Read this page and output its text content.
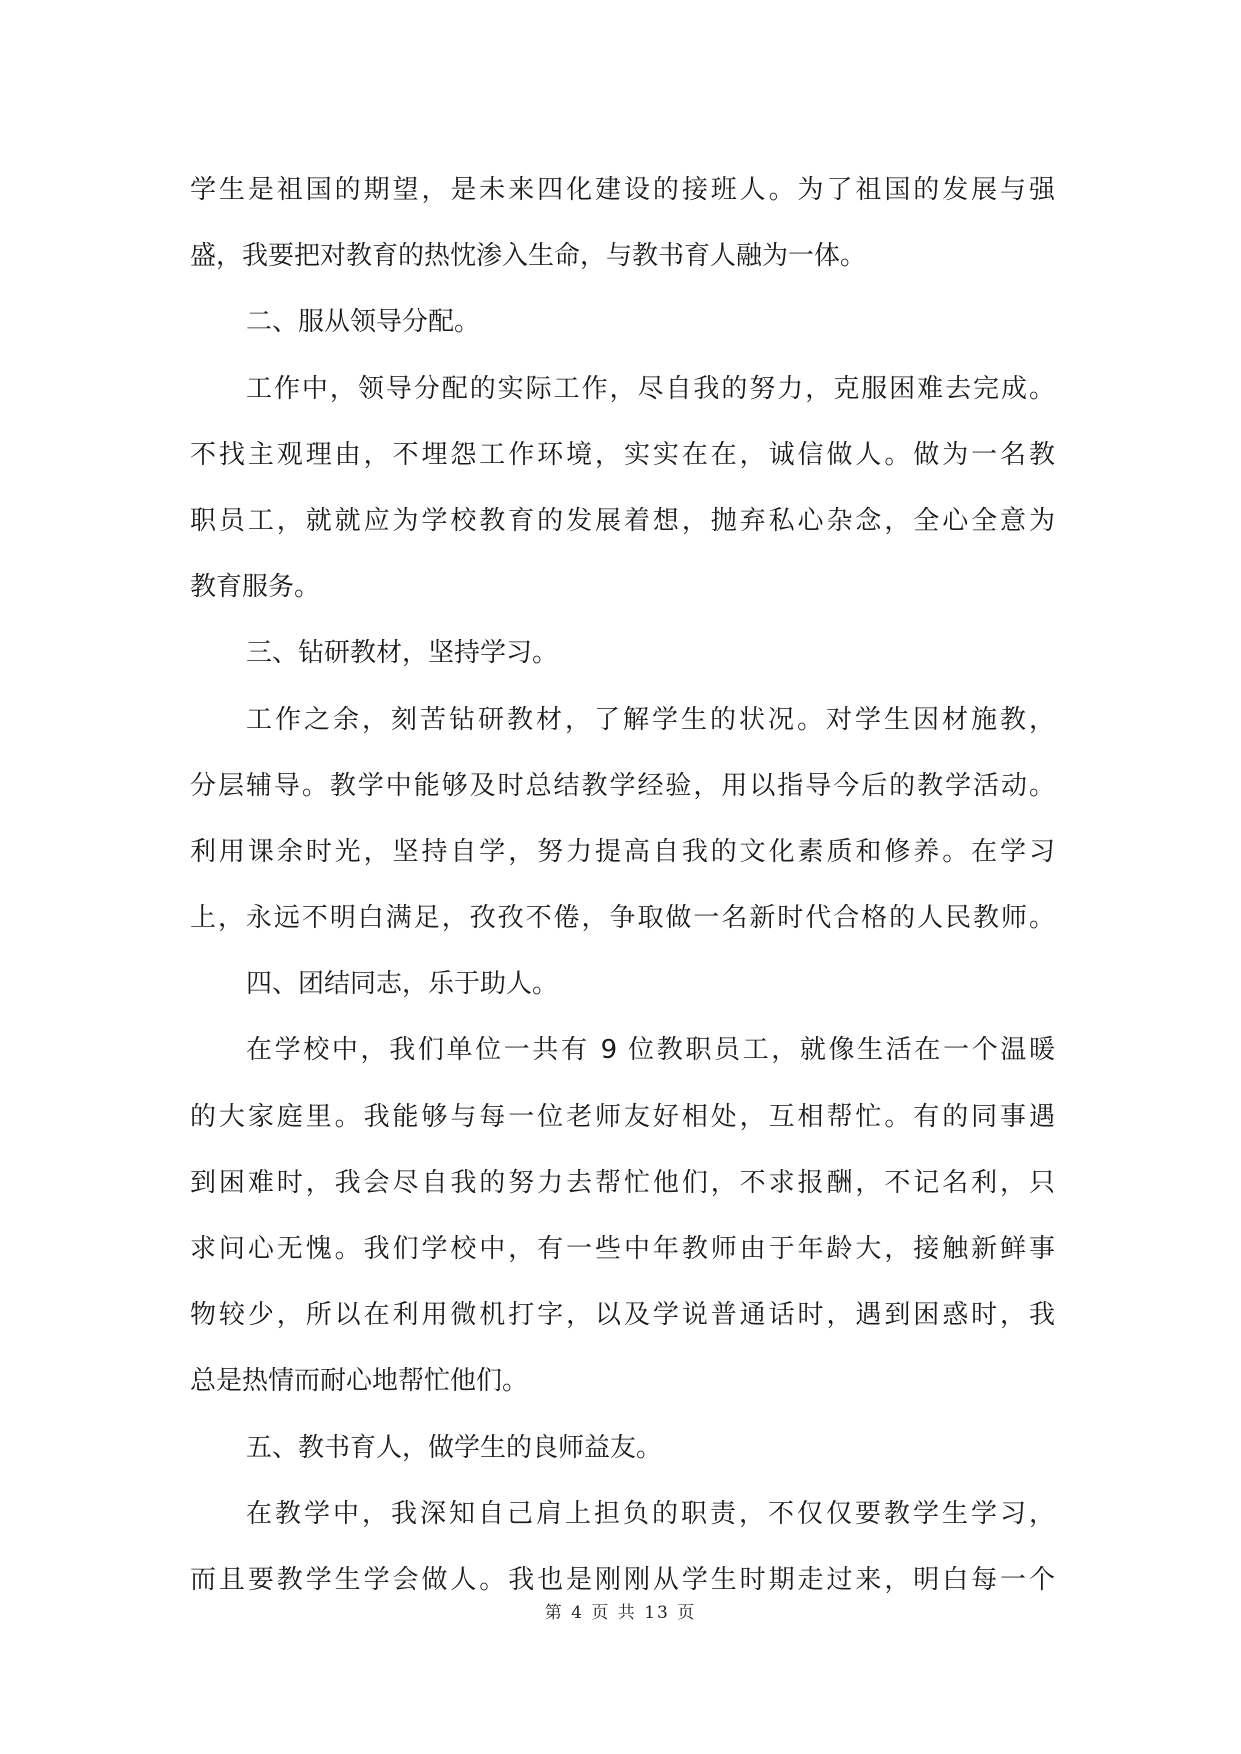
学生是祖国的期望，是未来四化建设的接班人。为了祖国的发展与强
盛，我要把对教育的热忱渗入生命，与教书育人融为一体。
二、服从领导分配。
工作中，领导分配的实际工作，尽自我的努力，克服困难去完成。
不找主观理由，不埋怨工作环境，实实在在，诚信做人。做为一名教
职员工，就就应为学校教育的发展着想，抛弃私心杂念，全心全意为
教育服务。
三、钻研教材，坚持学习。
工作之余，刻苦钻研教材，了解学生的状况。对学生因材施教，
分层辅导。教学中能够及时总结教学经验，用以指导今后的教学活动。
利用课余时光，坚持自学，努力提高自我的文化素质和修养。在学习
上，永远不明白满足，孜孜不倦，争取做一名新时代合格的人民教师。
四、团结同志，乐于助人。
在学校中，我们单位一共有 9 位教职员工，就像生活在一个温暖
的大家庭里。我能够与每一位老师友好相处，互相帮忙。有的同事遇
到困难时，我会尽自我的努力去帮忙他们，不求报酬，不记名利，只
求问心无愧。我们学校中，有一些中年教师由于年龄大，接触新鲜事
物较少，所以在利用微机打字，以及学说普通话时，遇到困惑时，我
总是热情而耐心地帮忙他们。
五、教书育人，做学生的良师益友。
在教学中，我深知自己肩上担负的职责，不仅仅要教学生学习，
而且要教学生学会做人。我也是刚刚从学生时期走过来，明白每一个
第 4 页 共 13 页
